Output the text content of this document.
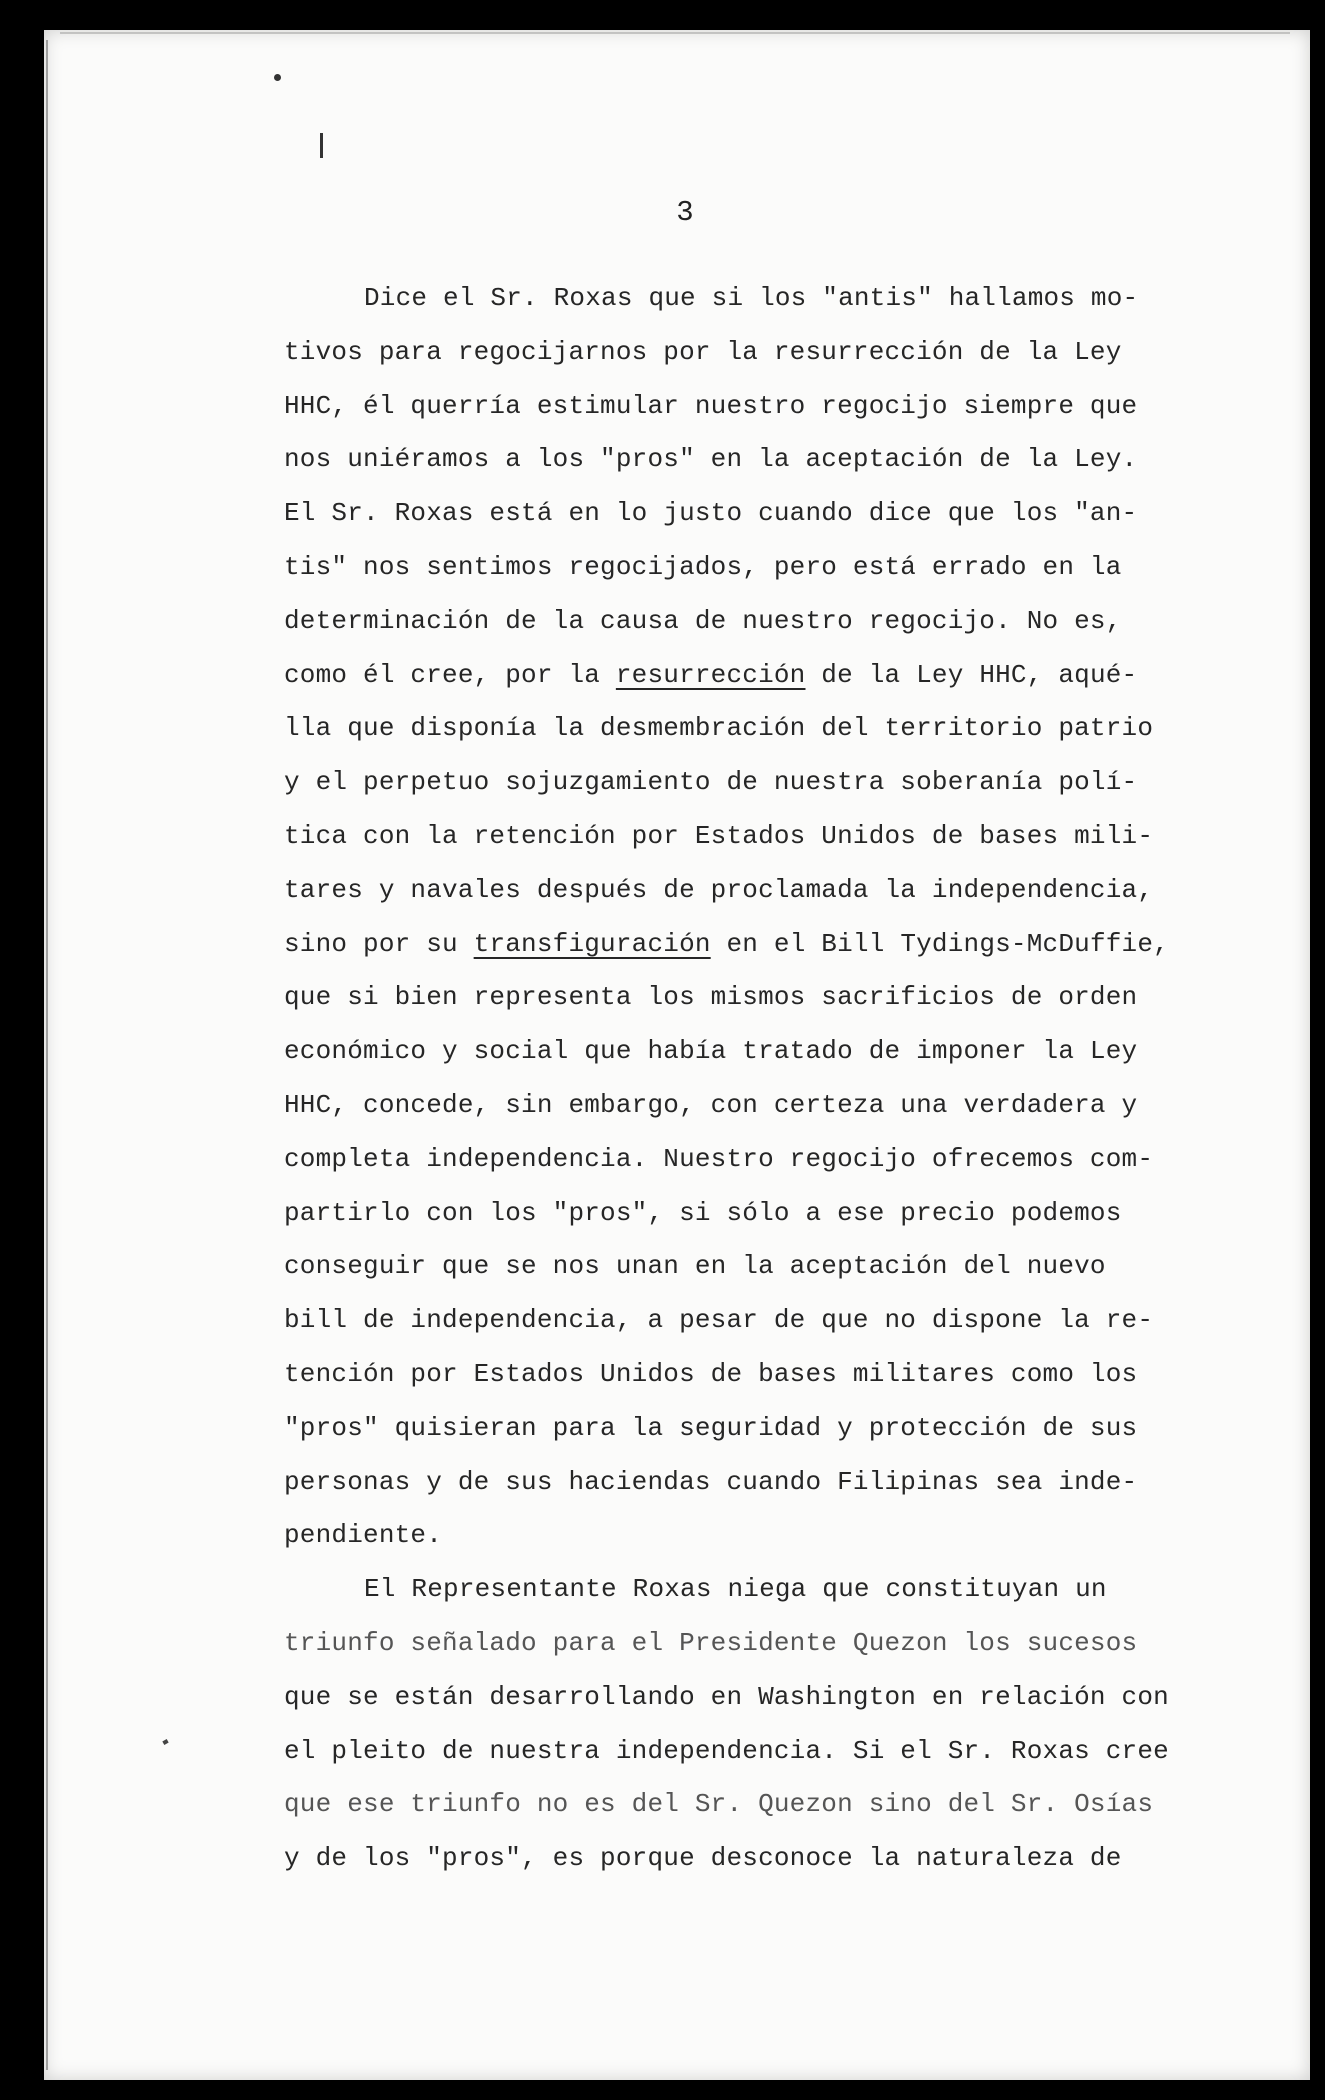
3
Dice el Sr. Roxas que si los "antis" hallamos mo-
tivos para regocijarnos por la resurrección de la Ley
HHC, él querría estimular nuestro regocijo siempre que
nos uniéramos a los "pros" en la aceptación de la Ley.
El Sr. Roxas está en lo justo cuando dice que los "an-
tis" nos sentimos regocijados, pero está errado en la
determinación de la causa de nuestro regocijo. No es,
como él cree, por la resurrección de la Ley HHC, aqué-
lla que disponía la desmembración del territorio patrio
y el perpetuo sojuzgamiento de nuestra soberanía polí-
tica con la retención por Estados Unidos de bases mili-
tares y navales después de proclamada la independencia,
sino por su transfiguración en el Bill Tydings-McDuffie,
que si bien representa los mismos sacrificios de orden
económico y social que había tratado de imponer la Ley
HHC, concede, sin embargo, con certeza una verdadera y
completa independencia. Nuestro regocijo ofrecemos com-
partirlo con los "pros", si sólo a ese precio podemos
conseguir que se nos unan en la aceptación del nuevo
bill de independencia, a pesar de que no dispone la re-
tención por Estados Unidos de bases militares como los
"pros" quisieran para la seguridad y protección de sus
personas y de sus haciendas cuando Filipinas sea inde-
pendiente.
El Representante Roxas niega que constituyan un
triunfo señalado para el Presidente Quezon los sucesos
que se están desarrollando en Washington en relación con
el pleito de nuestra independencia. Si el Sr. Roxas cree
que ese triunfo no es del Sr. Quezon sino del Sr. Osías
y de los "pros", es porque desconoce la naturaleza de
